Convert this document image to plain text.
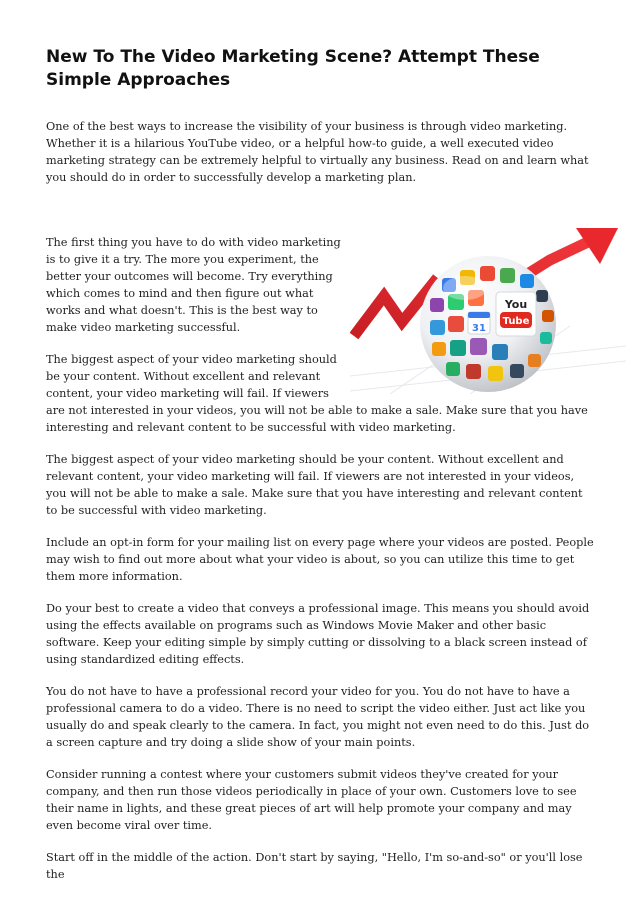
New To The Video Marketing Scene? Attempt These Simple Approaches

One of the best ways to increase the visibility of your business is through video marketing. Whether it is a hilarious YouTube video, or a helpful how-to guide, a well executed video marketing strategy can be extremely helpful to virtually any business. Read on and learn what you should do in order to successfully develop a marketing plan.

31
You
Tube

The first thing you have to do with video marketing is to give it a try. The more you experiment, the better your outcomes will become. Try everything which comes to mind and then figure out what works and what doesn't. This is the best way to make video marketing successful.

The biggest aspect of your video marketing should be your content. Without excellent and relevant content, your video marketing will fail. If viewers are not interested in your videos, you will not be able to make a sale. Make sure that you have interesting and relevant content to be successful with video marketing.

The biggest aspect of your video marketing should be your content. Without excellent and relevant content, your video marketing will fail. If viewers are not interested in your videos, you will not be able to make a sale. Make sure that you have interesting and relevant content to be successful with video marketing.

Include an opt-in form for your mailing list on every page where your videos are posted. People may wish to find out more about what your video is about, so you can utilize this time to get them more information.

Do your best to create a video that conveys a professional image. This means you should avoid using the effects available on programs such as Windows Movie Maker and other basic software. Keep your editing simple by simply cutting or dissolving to a black screen instead of using standardized editing effects.

You do not have to have a professional record your video for you. You do not have to have a professional camera to do a video. There is no need to script the video either. Just act like you usually do and speak clearly to the camera. In fact, you might not even need to do this. Just do a screen capture and try doing a slide show of your main points.

Consider running a contest where your customers submit videos they've created for your company, and then run those videos periodically in place of your own. Customers love to see their name in lights, and these great pieces of art will help promote your company and may even become viral over time.

Start off in the middle of the action. Don't start by saying, "Hello, I'm so-and-so" or you'll lose the
